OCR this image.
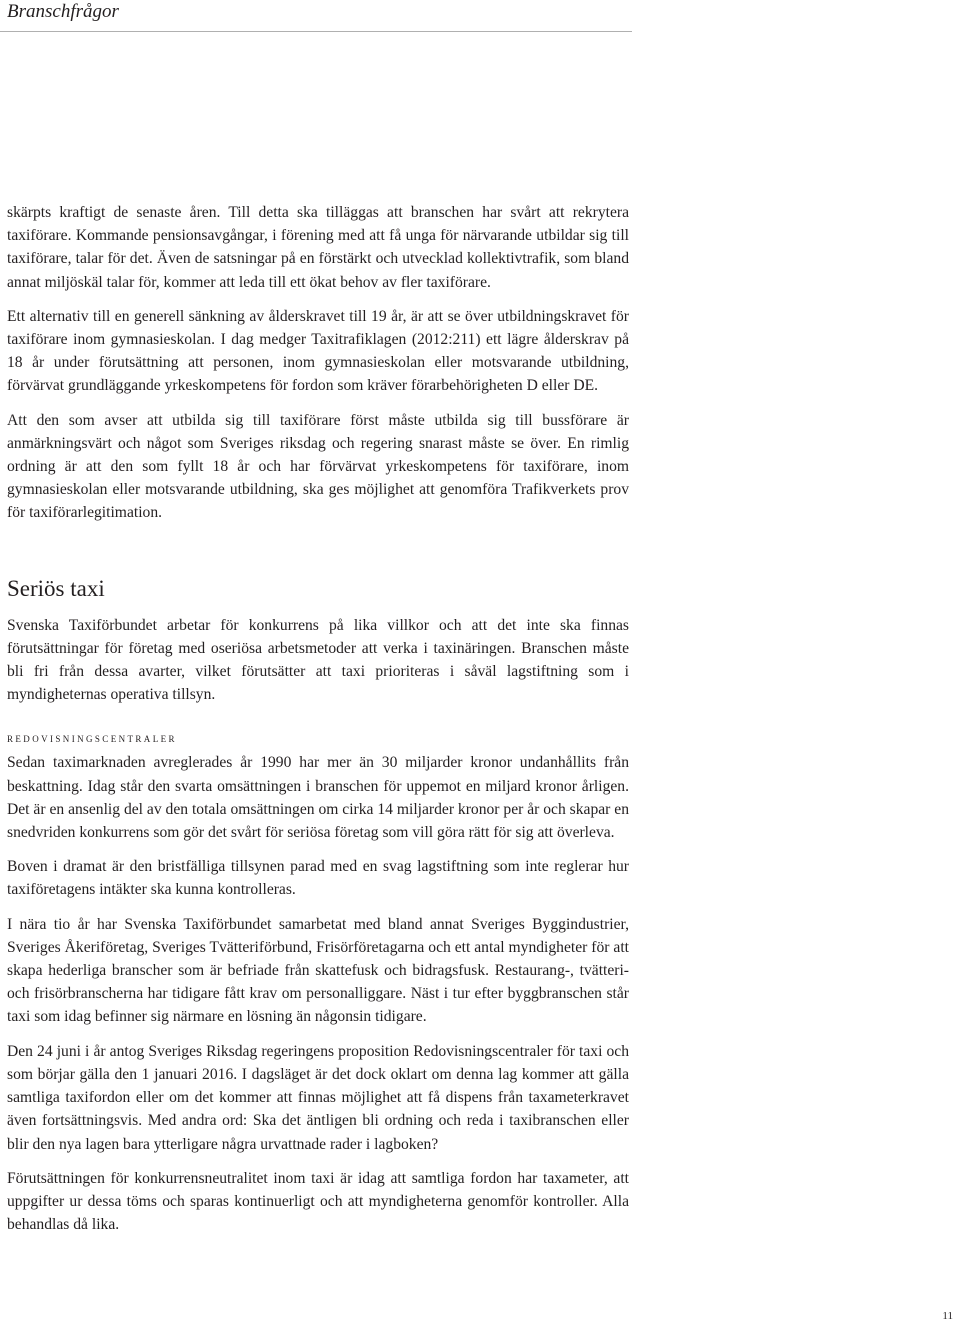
Branschfrågor

skärpts kraftigt de senaste åren. Till detta ska tilläggas att branschen har svårt att rekrytera taxiförare. Kommande pensionsavgångar, i förening med att få unga för närvarande utbildar sig till taxiförare, talar för det. Även de satsningar på en förstärkt och utvecklad kollektivtrafik, som bland annat miljöskäl talar för, kommer att leda till ett ökat behov av fler taxiförare.

Ett alternativ till en generell sänkning av ålderskravet till 19 år, är att se över utbildningskravet för taxiförare inom gymnasieskolan. I dag medger Taxitrafiklagen (2012:211) ett lägre ålderskrav på 18 år under förutsättning att personen, inom gymnasieskolan eller motsvarande utbildning, förvärvat grundläggande yrkeskompetens för fordon som kräver förarbehörigheten D eller DE.

Att den som avser att utbilda sig till taxiförare först måste utbilda sig till bussförare är anmärkningsvärt och något som Sveriges riksdag och regering snarast måste se över. En rimlig ordning är att den som fyllt 18 år och har förvärvat yrkeskompetens för taxiförare, inom gymnasieskolan eller motsvarande utbildning, ska ges möjlighet att genomföra Trafikverkets prov för taxiförarlegitimation.

Seriös taxi

Svenska Taxiförbundet arbetar för konkurrens på lika villkor och att det inte ska finnas förutsättningar för företag med oseriösa arbetsmetoder att verka i taxinäringen. Branschen måste bli fri från dessa avarter, vilket förutsätter att taxi prioriteras i såväl lagstiftning som i myndigheternas operativa tillsyn.

redovisningscentraler

Sedan taximarknaden avreglerades år 1990 har mer än 30 miljarder kronor undanhållits från beskattning. Idag står den svarta omsättningen i branschen för uppemot en miljard kronor årligen. Det är en ansenlig del av den totala omsättningen om cirka 14 miljarder kronor per år och skapar en snedvriden konkurrens som gör det svårt för seriösa företag som vill göra rätt för sig att överleva.

Boven i dramat är den bristfälliga tillsynen parad med en svag lagstiftning som inte reglerar hur taxiföretagens intäkter ska kunna kontrolleras.

I nära tio år har Svenska Taxiförbundet samarbetat med bland annat Sveriges Byggindustrier, Sveriges Åkeriföretag, Sveriges Tvätteriförbund, Frisörföretagarna och ett antal myndigheter för att skapa hederliga branscher som är befriade från skattefusk och bidragsfusk. Restaurang-, tvätteri- och frisörbranscherna har tidigare fått krav om personalliggare. Näst i tur efter byggbranschen står taxi som idag befinner sig närmare en lösning än någonsin tidigare.

Den 24 juni i år antog Sveriges Riksdag regeringens proposition Redovisningscentraler för taxi och som börjar gälla den 1 januari 2016. I dagsläget är det dock oklart om denna lag kommer att gälla samtliga taxifordon eller om det kommer att finnas möjlighet att få dispens från taxameterkravet även fortsättningsvis. Med andra ord: Ska det äntligen bli ordning och reda i taxibranschen eller blir den nya lagen bara ytterligare några urvattnade rader i lagboken?

Förutsättningen för konkurrensneutralitet inom taxi är idag att samtliga fordon har taxameter, att uppgifter ur dessa töms och sparas kontinuerligt och att myndigheterna genomför kontroller. Alla behandlas då lika.

11
